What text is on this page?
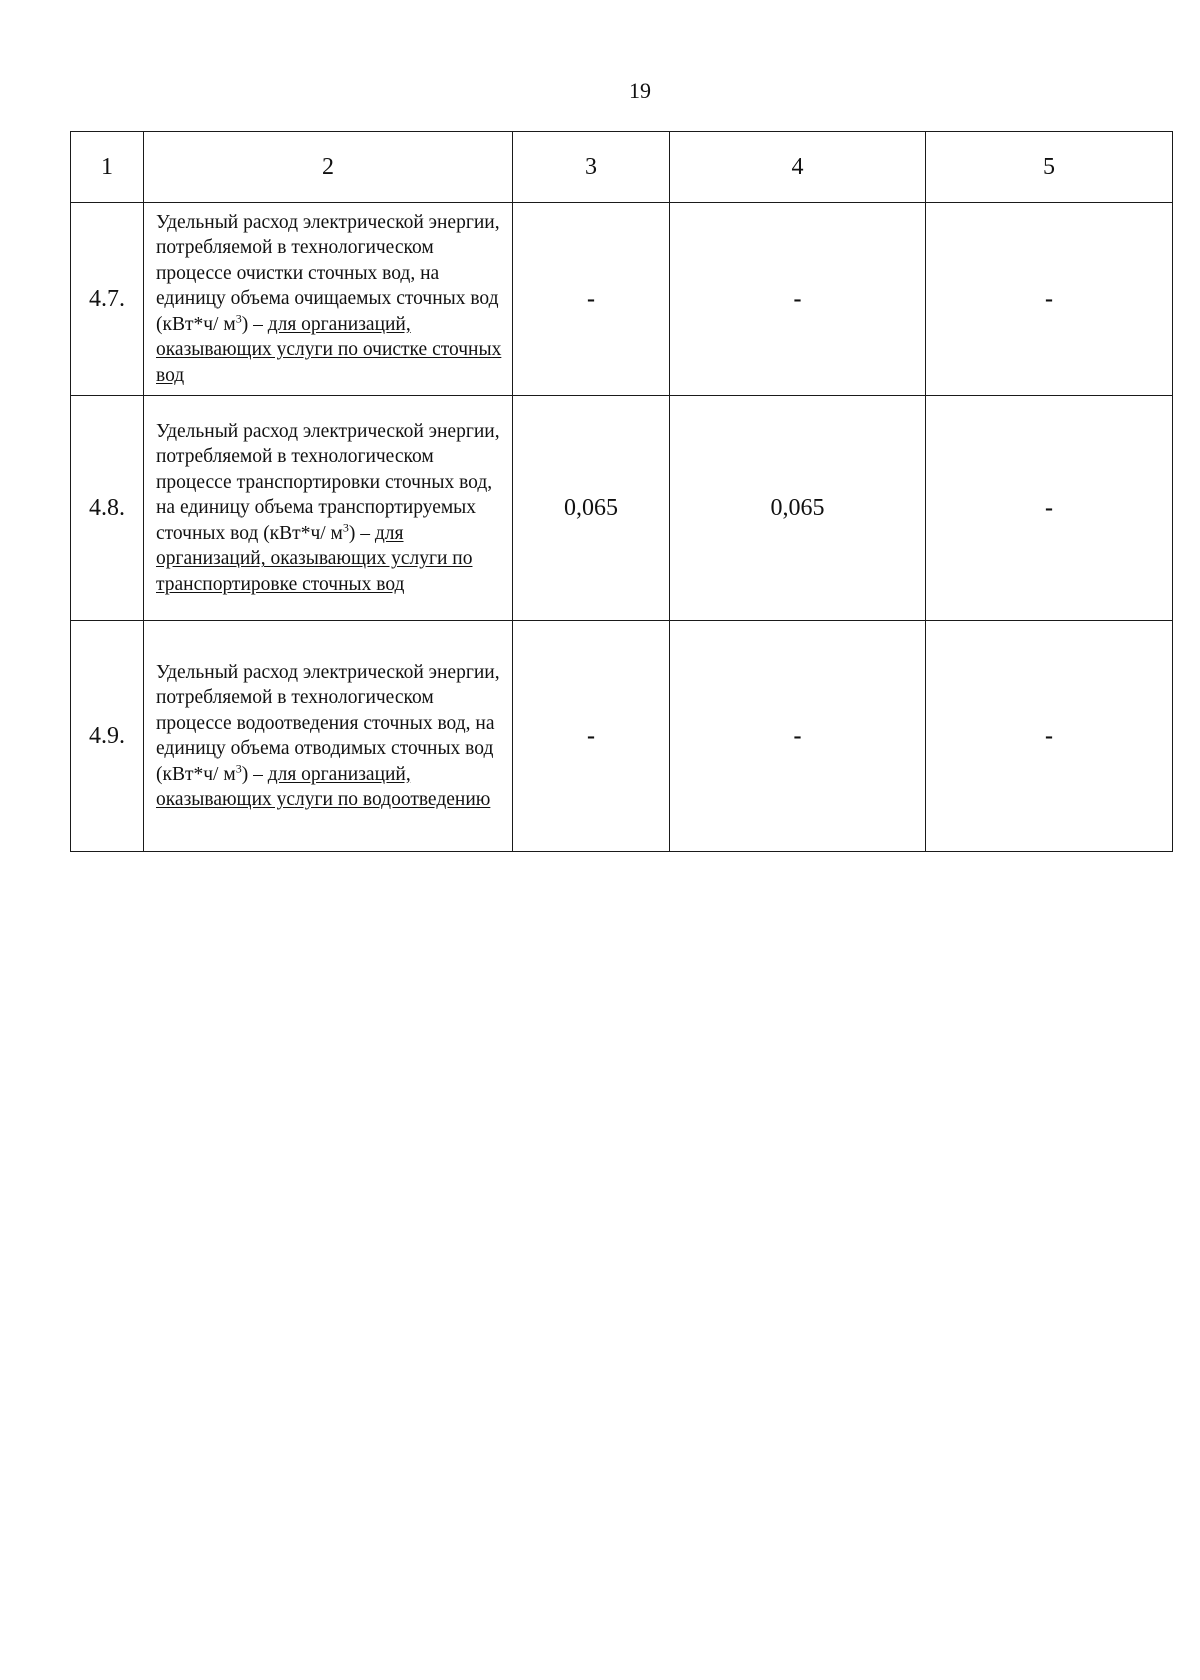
19
1	2	3	4	5
4.7.	Удельный расход электрической энергии, потребляемой в технологическом процессе очистки сточных вод, на единицу объема очищаемых сточных вод (кВт*ч/ $м^3$) – для организаций, оказывающих услуги по очистке сточных вод	-	-	-
4.8.	Удельный расход электрической энергии, потребляемой в технологическом процессе транспортировки сточных вод, на единицу объема транспортируемых сточных вод (кВт*ч/ $м^3$) – для организаций, оказывающих услуги по транспортировке сточных вод	0,065	0,065	-
4.9.	Удельный расход электрической энергии, потребляемой в технологическом процессе водоотведения сточных вод, на единицу объема отводимых сточных вод (кВт*ч/ $м^3$) – для организаций, оказывающих услуги по водоотведению	-	-	-
